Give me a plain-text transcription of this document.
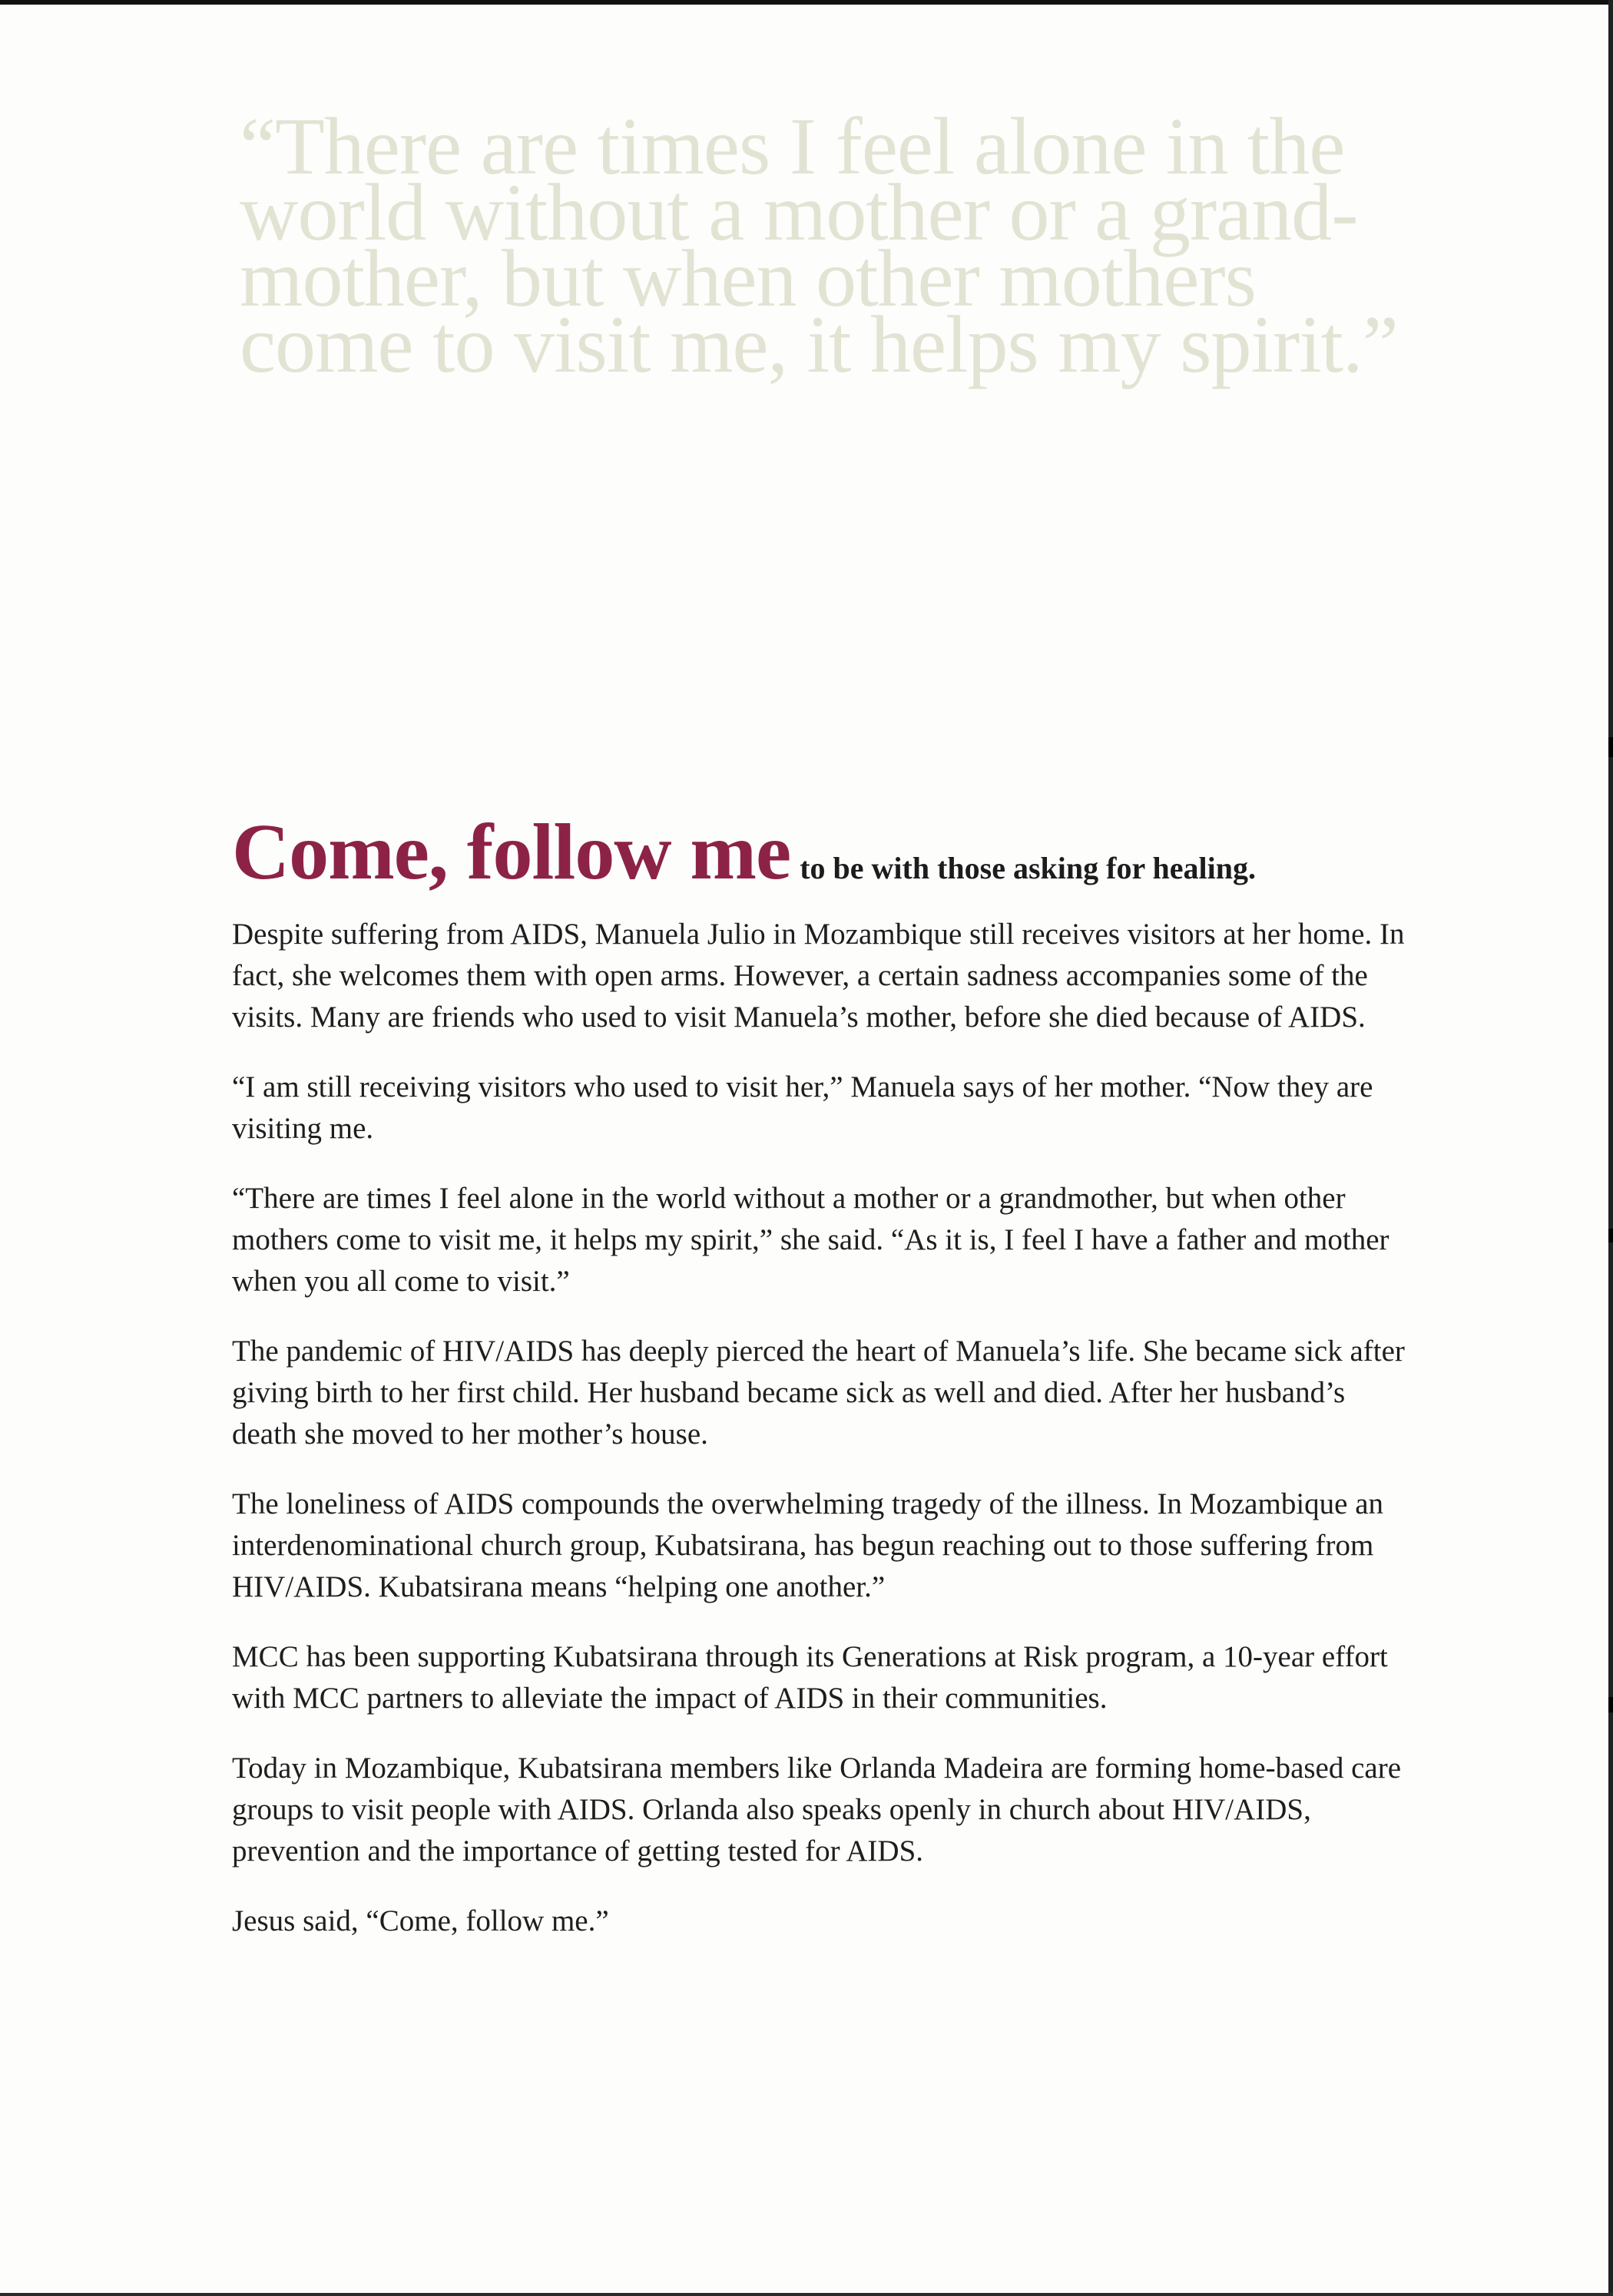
“There are times I feel alone in the world without a mother or a grand-mother, but when other mothers come to visit me, it helps my spirit.”
Come, follow me to be with those asking for healing.

Despite suffering from AIDS, Manuela Julio in Mozambique still receives visitors at her home. In fact, she welcomes them with open arms. However, a certain sadness accompanies some of the visits. Many are friends who used to visit Manuela’s mother, before she died because of AIDS.

“I am still receiving visitors who used to visit her,” Manuela says of her mother. “Now they are visiting me.

“There are times I feel alone in the world without a mother or a grandmother, but when other mothers come to visit me, it helps my spirit,” she said. “As it is, I feel I have a father and mother when you all come to visit.”

The pandemic of HIV/AIDS has deeply pierced the heart of Manuela’s life. She became sick after giving birth to her first child. Her husband became sick as well and died. After her husband’s death she moved to her mother’s house.

The loneliness of AIDS compounds the overwhelming tragedy of the illness. In Mozambique an interdenominational church group, Kubatsirana, has begun reaching out to those suffering from HIV/AIDS. Kubatsirana means “helping one another.”

MCC has been supporting Kubatsirana through its Generations at Risk program, a 10-year effort with MCC partners to alleviate the impact of AIDS in their communities.

Today in Mozambique, Kubatsirana members like Orlanda Madeira are forming home-based care groups to visit people with AIDS. Orlanda also speaks openly in church about HIV/AIDS, prevention and the importance of getting tested for AIDS.

Jesus said, “Come, follow me.”
